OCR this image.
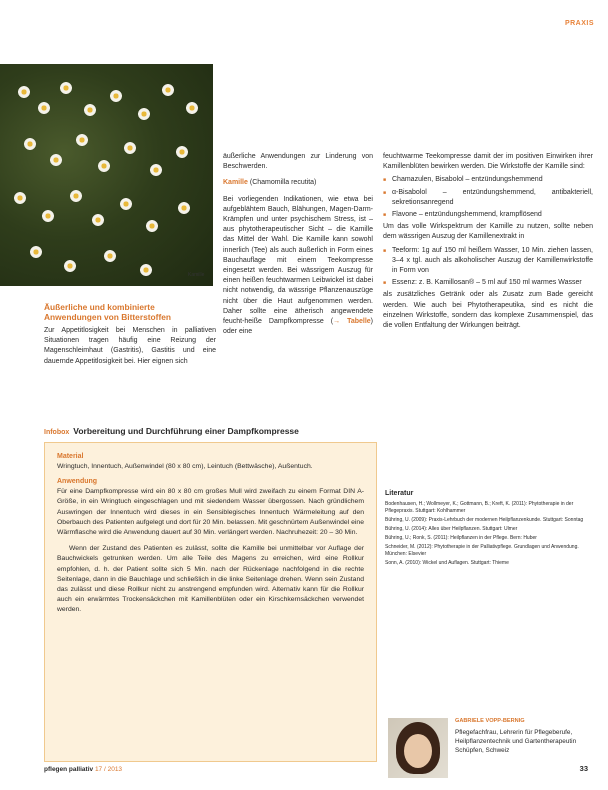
PRAXIS
Kamille
Äußerliche und kombinierte Anwendungen von Bitterstoffen

Zur Appetitlosigkeit bei Menschen in palliativen Situationen tragen häufig eine Reizung der Magenschleimhaut (Gastritis), Gastitis und eine dauernde Appetitlosigkeit bei. Hier eignen sich

äußerliche Anwendungen zur Linderung von Beschwerden.

Kamille (Chamomilla recutita)

Bei vorliegenden Indikationen, wie etwa bei aufgeblähtem Bauch, Blähungen, Magen-Darm-Krämpfen und unter psychischem Stress, ist – aus phytotherapeutischer Sicht – die Kamille das Mittel der Wahl. Die Kamille kann sowohl innerlich (Tee) als auch äußerlich in Form eines Bauchauflage mit einem Teekompresse eingesetzt werden. Bei wässrigem Auszug für einen heißen feuchtwarmen Leibwickel ist dabei nicht notwendig, da wässrige Pflanzenauszüge nicht über die Haut aufgenommen werden. Daher sollte eine ätherisch angewendete feucht-heiße Dampfkompresse (→ Tabelle) oder eine

feuchtwarme Teekompresse damit der im positiven Einwirken ihrer Kamillenblüten bewirken werden. Die Wirkstoffe der Kamille sind:

■ Chamazulen, Bisabolol – entzündungshemmend
■ α-Bisabolol – entzündungshemmend, antibakteriell, sekretionsanregend
■ Flavone – entzündungshemmend, krampflösend

Um das volle Wirkspektrum der Kamille zu nutzen, sollte neben dem wässrigen Auszug der Kamillenextrakt in

■ Teeform: 1g auf 150 ml heißem Wasser, 10 Min. ziehen lassen, 3–4 x tgl. auch als alkoholischer Auszug der Kamillenwirkstoffe in Form von
■ Essenz: z. B. Kamillosan® – 5 ml auf 150 ml warmes Wasser

als zusätzliches Getränk oder als Zusatz zum Bade gereicht werden. Wie auch bei Phytotherapeutika, sind es nicht die einzelnen Wirkstoffe, sondern das komplexe Zusammenspiel, das die vollen Entfaltung der Wirkungen beiträgt.

Infobox Vorbereitung und Durchführung einer Dampfkompresse
Material

Wringtuch, Innentuch, Außenwindel (80 x 80 cm), Leintuch (Bettwäsche), Außentuch.

Anwendung

Für eine Dampfkompresse wird ein 80 x 80 cm großes Mull wird zweifach zu einem Format DIN A-Größe, in ein Wringtuch eingeschlagen und mit siedendem Wasser übergossen. Nach gründlichem Auswringen der Innentuch wird dieses in ein Sensiblegisches Innentuch Wärmeleitung auf den Oberbauch des Patienten aufgelegt und dort für 20 Min. belassen. Mit geschnürtem Außenwindel eine Wärmflasche wird die Anwendung dauert auf 30 Min. verlängert werden. Nachruhezeit: 20 – 30 Min.

Wenn der Zustand des Patienten es zulässt, sollte die Kamille bei unmittelbar vor Auflage der Bauchwickels getrunken werden. Um alle Teile des Magens zu erreichen, wird eine Rollkur empfohlen, d. h. der Patient sollte sich 5 Min. nach der Rückenlage nachfolgend in die rechte Seitenlage, dann in die Bauchlage und schließlich in die linke Seitenlage drehen. Wenn sein Zustand das zulässt und diese Rollkur nicht zu anstrengend empfunden wird. Alternativ kann für die Rollkur auch ein erwärmtes Trockensäckchen mit Kamillenblüten oder ein Kirschkernsäckchen verwendet werden.

Literatur

Bodenhausen, H.; Wollmeyer, K.; Gottmann, B.; Kreft, K. (2011): Phytotherapie in der Pflegepraxis. Stuttgart: Kohlhammer

Bühring, U. (2009): Praxis-Lehrbuch der modernen Heilpflanzenkunde. Stuttgart: Sonntag

Bühring, U. (2014): Alles über Heilpflanzen. Stuttgart: Ulmer

Bühring, U.; Ronk, S. (2011): Heilpflanzen in der Pflege. Bern: Huber

Schneider, M. (2012): Phytotherapie in der Palliativpflege. Grundlagen und Anwendung. München: Elsevier

Sonn, A. (2010): Wickel und Auflagen. Stuttgart: Thieme

GABRIELE VOPP-BERNIG
Pflegefachfrau, Lehrerin für Pflegeberufe, Heilpflanzentechnik und Gartentherapeutin Schüpfen, Schweiz
pflegen palliativ 17 / 2013	33
